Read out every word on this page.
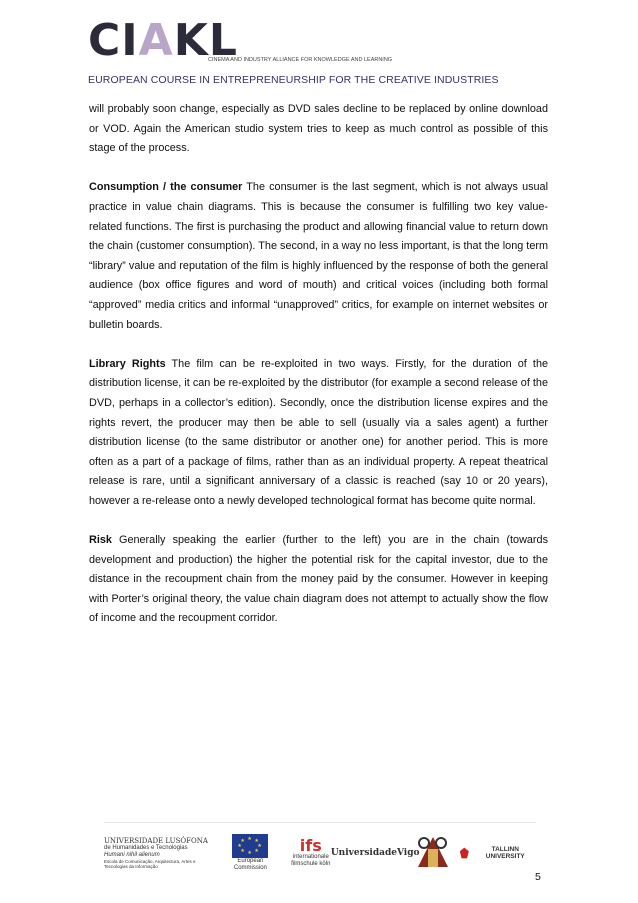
CIAKL
CINEMA AND INDUSTRY ALLIANCE FOR KNOWLEDGE AND LEARNING
EUROPEAN COURSE IN ENTREPRENEURSHIP FOR THE CREATIVE INDUSTRIES

will probably soon change, especially as DVD sales decline to be replaced by online download or VOD. Again the American studio system tries to keep as much control as possible of this stage of the process.

Consumption / the consumer The consumer is the last segment, which is not always usual practice in value chain diagrams. This is because the consumer is fulfilling two key value-related functions. The first is purchasing the product and allowing financial value to return down the chain (customer consumption). The second, in a way no less important, is that the long term “library” value and reputation of the film is highly influenced by the response of both the general audience (box office figures and word of mouth) and critical voices (including both formal “approved” media critics and informal “unapproved” critics, for example on internet websites or bulletin boards.

Library Rights The film can be re-exploited in two ways. Firstly, for the duration of the distribution license, it can be re-exploited by the distributor (for example a second release of the DVD, perhaps in a collector’s edition). Secondly, once the distribution license expires and the rights revert, the producer may then be able to sell (usually via a sales agent) a further distribution license (to the same distributor or another one) for another period. This is more often as a part of a package of films, rather than as an individual property. A repeat theatrical release is rare, until a significant anniversary of a classic is reached (say 10 or 20 years), however a re-release onto a newly developed technological format has become quite normal.

Risk Generally speaking the earlier (further to the left) you are in the chain (towards development and production) the higher the potential risk for the capital investor, due to the distance in the recoupment chain from the money paid by the consumer. However in keeping with Porter’s original theory, the value chain diagram does not attempt to actually show the flow of income and the recoupment corridor.

UNIVERSIDADE LUSÓFONA
de Humanidades e Tecnologias
Humani nihil alienum
Escola de Comunicação, Arquitectura, Artes e Tecnologias da Informação
★ ★
★
★
★
★
★
★
European
Commission
ifs
internationale
filmschule köln
UniversidadeVigo	TALLINN UNIVERSITY
5
